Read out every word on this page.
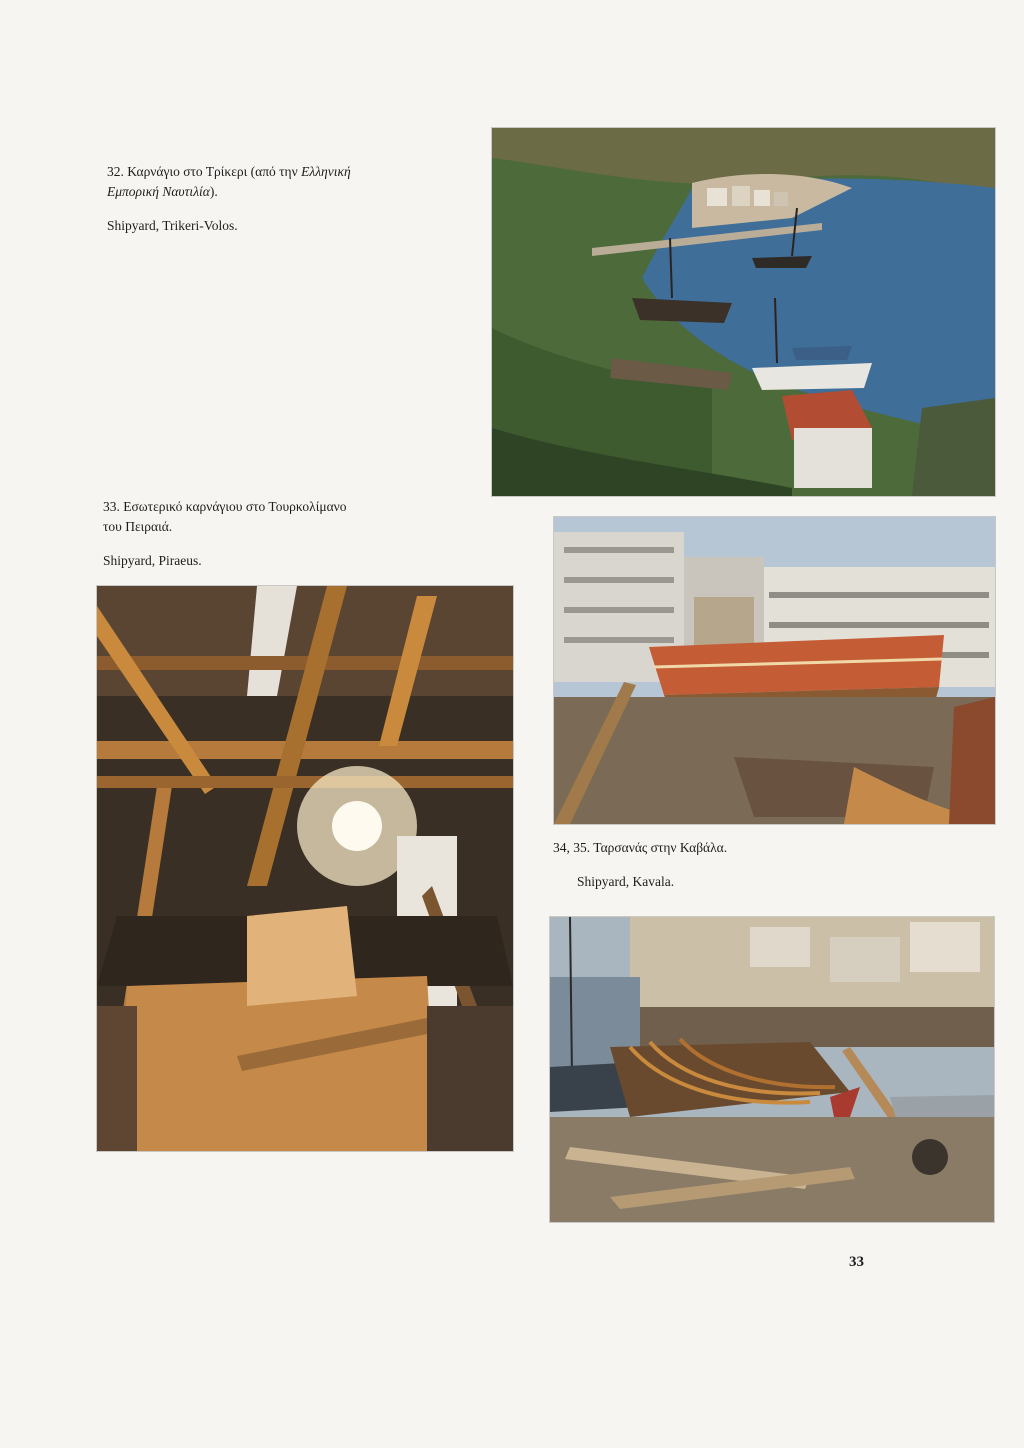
32. Καρνάγιο στο Τρίκερι (από την Ελληνική
Εμπορική Ναυτιλία).

Shipyard, Trikeri-Volos.

33. Εσωτερικό καρνάγιου στο Τουρκολίμανο
του Πειραιά.

Shipyard, Piraeus.

34, 35. Ταρσανάς στην Καβάλα.

Shipyard, Kavala.

33
